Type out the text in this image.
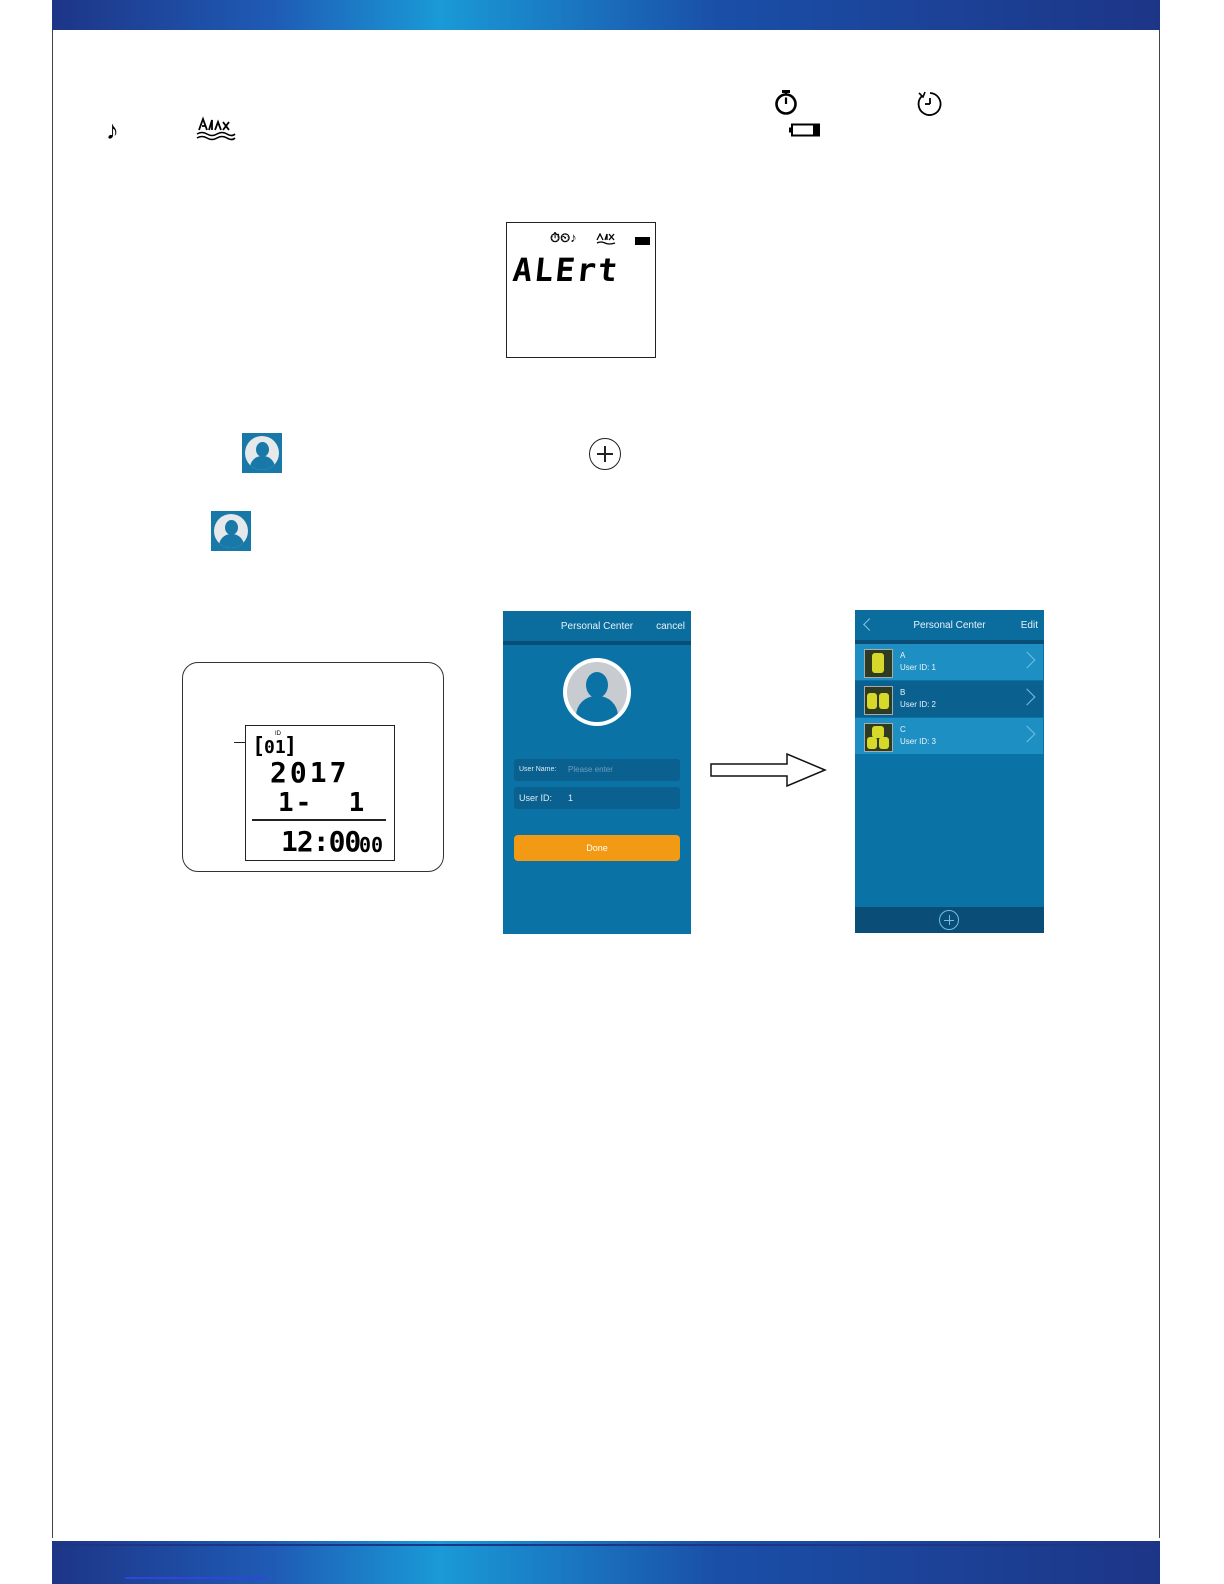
♪
⏱⏲♪
ALErt
ID
[
01
]
2017
1-  1
12:00
00
Personal Center	cancel
User Name: Please enter
User ID: 1
Done
Personal Center	Edit
A
User ID: 1
B
User ID: 2
C
User ID: 3
